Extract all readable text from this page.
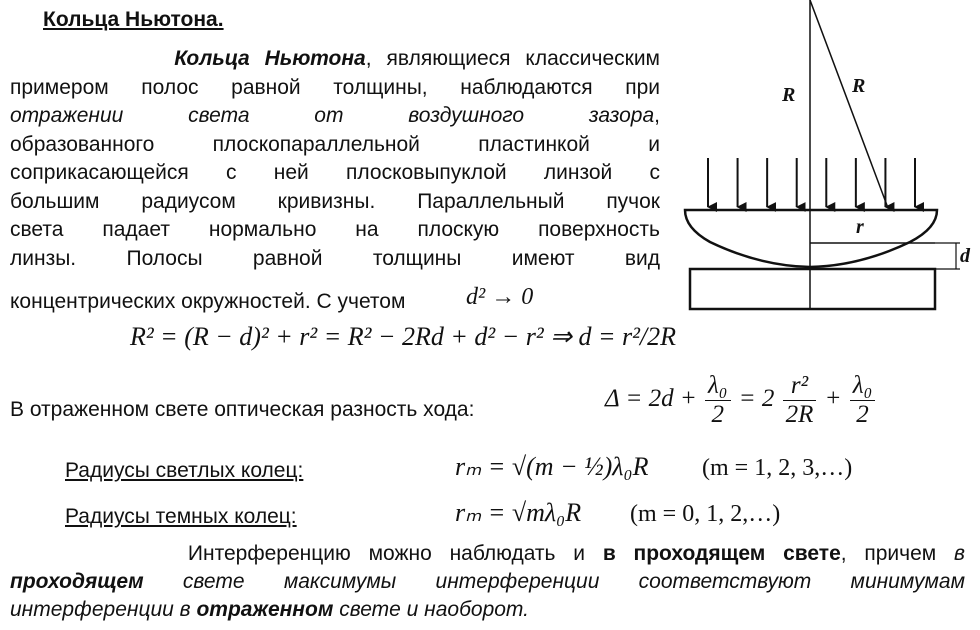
Кольца Ньютона.

Кольца Ньютона, являющиеся классическим

примером полос равной толщины, наблюдаются при

отражении света от воздушного зазора,

образованного плоскопараллельной пластинкой и

соприкасающейся с ней плосковыпуклой линзой с

большим радиусом кривизны. Параллельный пучок

света падает нормально на плоскую поверхность

линзы. Полосы равной толщины имеют вид

концентрических окружностей. С учетом	d² → 0
R² = (R − d)² + r² = R² − 2Rd + d² − r² ⇒ d = r²/2R
В отраженном свете оптическая разность хода:	$\Delta = 2d + \frac{\text{λ₀}}{2} = 2 \frac{\text{r²}}{2R} + \frac{\text{λ₀}}{2}$
Радиусы светлых колец:	rₘ = √(m − ½)λ₀R (m = 1, 2, 3,…)
Радиусы темных колец:	rₘ = √mλ₀R (m = 0, 1, 2,…)

Интерференцию можно наблюдать и в проходящем свете, причем в

проходящем свете максимумы интерференции соответствуют минимумам

интерференции в отраженном свете и наоборот.

R	R
r
d
